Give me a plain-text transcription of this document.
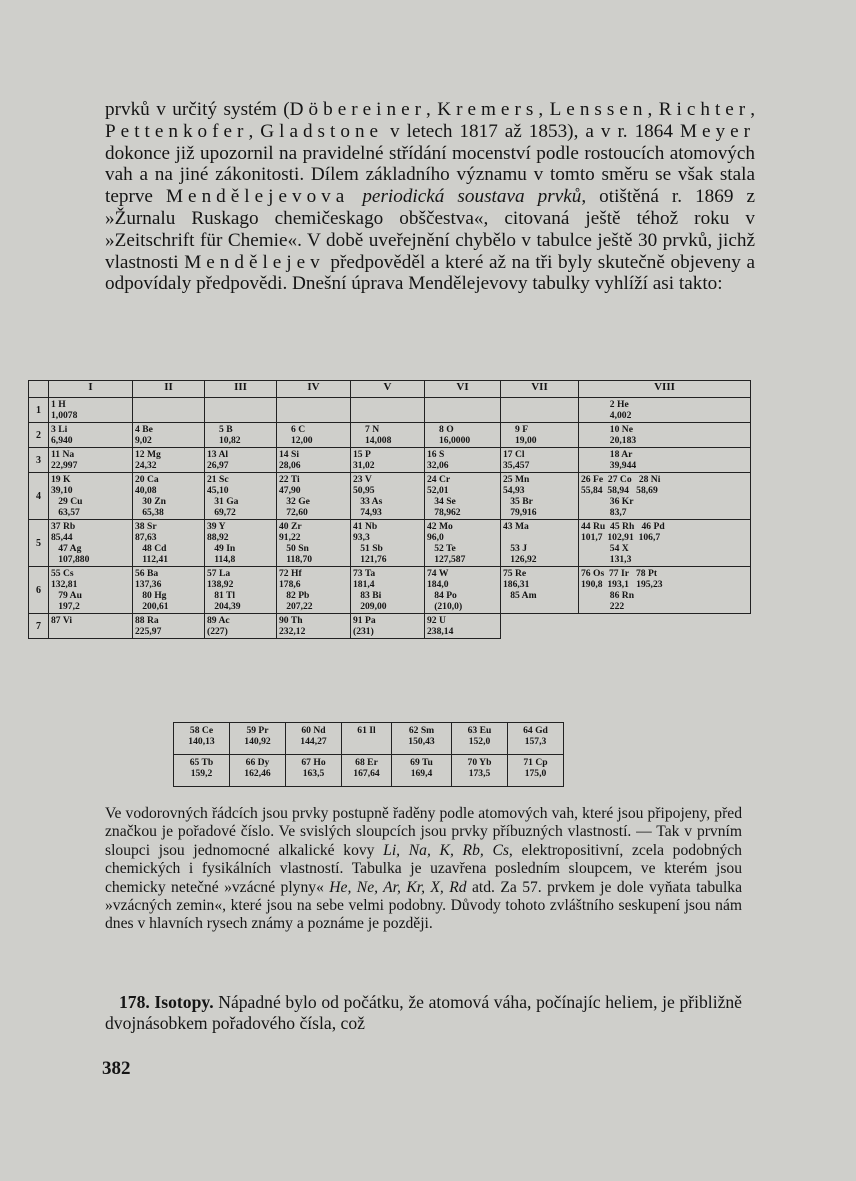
prvků v určitý systém (Döbereiner, Kremers, Lenssen, Richter, Pettenkofer, Gladstone v letech 1817 až 1853), a v r. 1864 Meyer dokonce již upozornil na pravidelné střídání mocenství podle rostoucích atomových vah a na jiné zákonitosti. Dílem základního významu v tomto směru se však stala teprve Mendělejevova periodická soustava prvků, otištěná r. 1869 z »Žurnalu Ruskago chemičeskago obščestva«, citovaná ještě téhož roku v »Zeitschrift für Chemie«. V době uveřejnění chybělo v tabulce ještě 30 prvků, jichž vlastnosti Mendělejev předpověděl a které až na tři byly skutečně objeveny a odpovídaly předpovědi. Dnešní úprava Mendělejevovy tabulky vyhlíží asi takto:
	I	II	III	IV	V	VI	VII	VIII
1	1 H
1,0078							2 He
4,002

2	3 Li
6,940	4 Be
9,02	5 B
10,82	6 C
12,00	7 N
14,008	8 O
16,0000	9 F
19,00	10 Ne
20,183

3	11 Na
22,997	12 Mg
24,32	13 Al
26,97	14 Si
28,06	15 P
31,02	16 S
32,06	17 Cl
35,457	18 Ar
39,944

4	19 K
39,10
29 Cu
63,57	20 Ca
40,08
30 Zn
65,38	21 Sc
45,10
31 Ga
69,72	22 Ti
47,90
32 Ge
72,60	23 V
50,95
33 As
74,93	24 Cr
52,01
34 Se
78,962	25 Mn
54,93
35 Br
79,916	26 Fe  27 Co   28 Ni
55,84  58,94   58,69
36 Kr
83,7

5	37 Rb
85,44
47 Ag
107,880	38 Sr
87,63
48 Cd
112,41	39 Y
88,92
49 In
114,8	40 Zr
91,22
50 Sn
118,70	41 Nb
93,3
51 Sb
121,76	42 Mo
96,0
52 Te
127,587	43 Ma

53 J
126,92	44 Ru  45 Rh   46 Pd
101,7  102,91  106,7
54 X
131,3

6	55 Cs
132,81
79 Au
197,2	56 Ba
137,36
80 Hg
200,61	57 La
138,92
81 Tl
204,39	72 Hf
178,6
82 Pb
207,22	73 Ta
181,4
83 Bi
209,00	74 W
184,0
84 Po
(210,0)	75 Re
186,31
85 Am	76 Os  77 Ir   78 Pt
190,8  193,1   195,23
86 Rn
222

7	87 Vi	88 Ra
225,97	89 Ac
(227)	90 Th
232,12	91 Pa
(231)	92 U
238,14		

58 Ce
140,13	59 Pr
140,92	60 Nd
144,27	61 Il	62 Sm
150,43	63 Eu
152,0	64 Gd
157,3

65 Tb
159,2	66 Dy
162,46	67 Ho
163,5	68 Er
167,64	69 Tu
169,4	70 Yb
173,5	71 Cp
175,0
Ve vodorovných řádcích jsou prvky postupně řaděny podle atomových vah, které jsou připojeny, před značkou je pořadové číslo. Ve svislých sloupcích jsou prvky příbuzných vlastností. — Tak v prvním sloupci jsou jednomocné alkalické kovy Li, Na, K, Rb, Cs, elektropositivní, zcela podobných chemických i fysikálních vlastností. Tabulka je uzavřena posledním sloupcem, ve kterém jsou chemicky netečné »vzácné plyny« He, Ne, Ar, Kr, X, Rd atd. Za 57. prvkem je dole vyňata tabulka »vzácných zemin«, které jsou na sebe velmi podobny. Důvody tohoto zvláštního seskupení jsou nám dnes v hlavních rysech známy a poznáme je později.
178. Isotopy. Nápadné bylo od počátku, že atomová váha, počínajíc heliem, je přibližně dvojnásobkem pořadového čísla, což
382
